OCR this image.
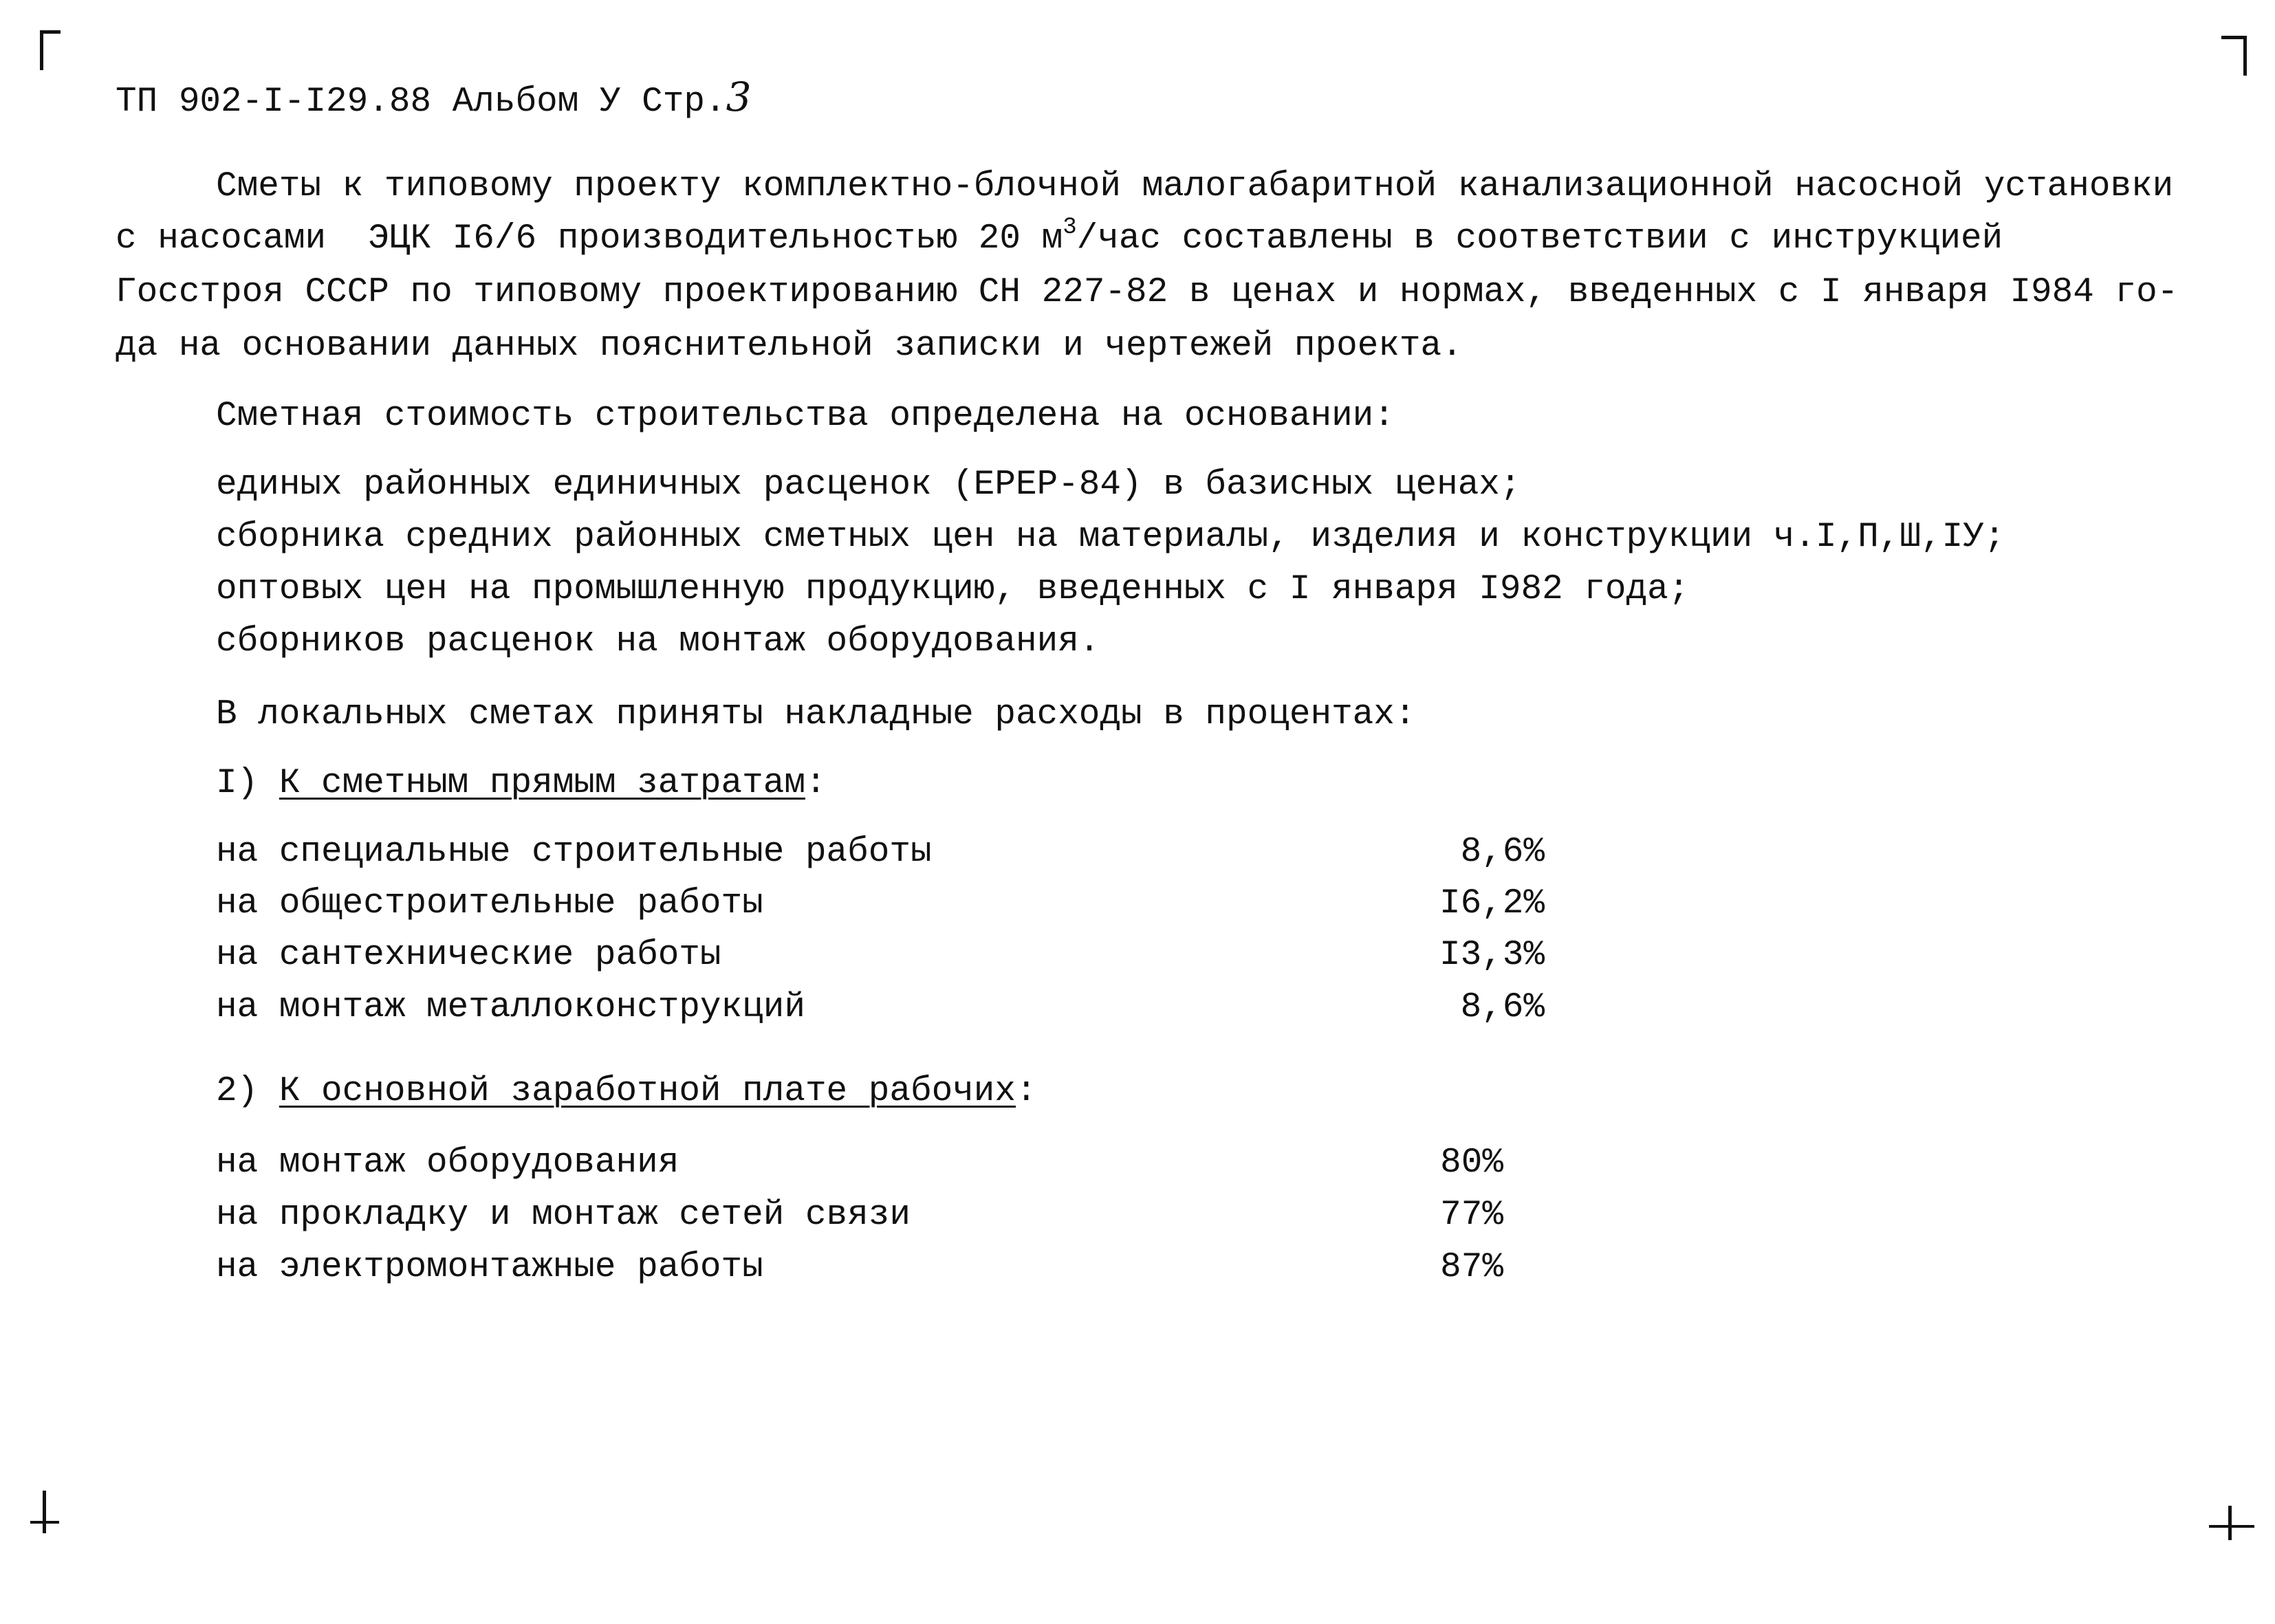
ТП 902-I-I29.88 Альбом У Стр.3
Сметы к типовому проекту комплектно-блочной малогабаритной канализационной насосной установки
с насосами  ЭЦК I6/6 производительностью 20 $м^3$/час составлены в соответствии с инструкцией
Госстроя СССР по типовому проектированию СН 227-82 в ценах и нормах, введенных с I января I984 го-
да на основании данных пояснительной записки и чертежей проекта.
Сметная стоимость строительства определена на основании:
единых районных единичных расценок (ЕРЕР-84) в базисных ценах;
сборника средних районных сметных цен на материалы, изделия и конструкции ч.I,П,Ш,IУ;
оптовых цен на промышленную продукцию, введенных с I января I982 года;
сборников расценок на монтаж оборудования.
В локальных сметах приняты накладные расходы в процентах:
I) К сметным прямым затратам:
на специальные строительные работы	8,6%
на общестроительные работы	I6,2%
на сантехнические работы	I3,3%
на монтаж металлоконструкций	8,6%
2) К основной заработной плате рабочих:
на монтаж оборудования	80%
на прокладку и монтаж сетей связи	77%
на электромонтажные работы	87%
